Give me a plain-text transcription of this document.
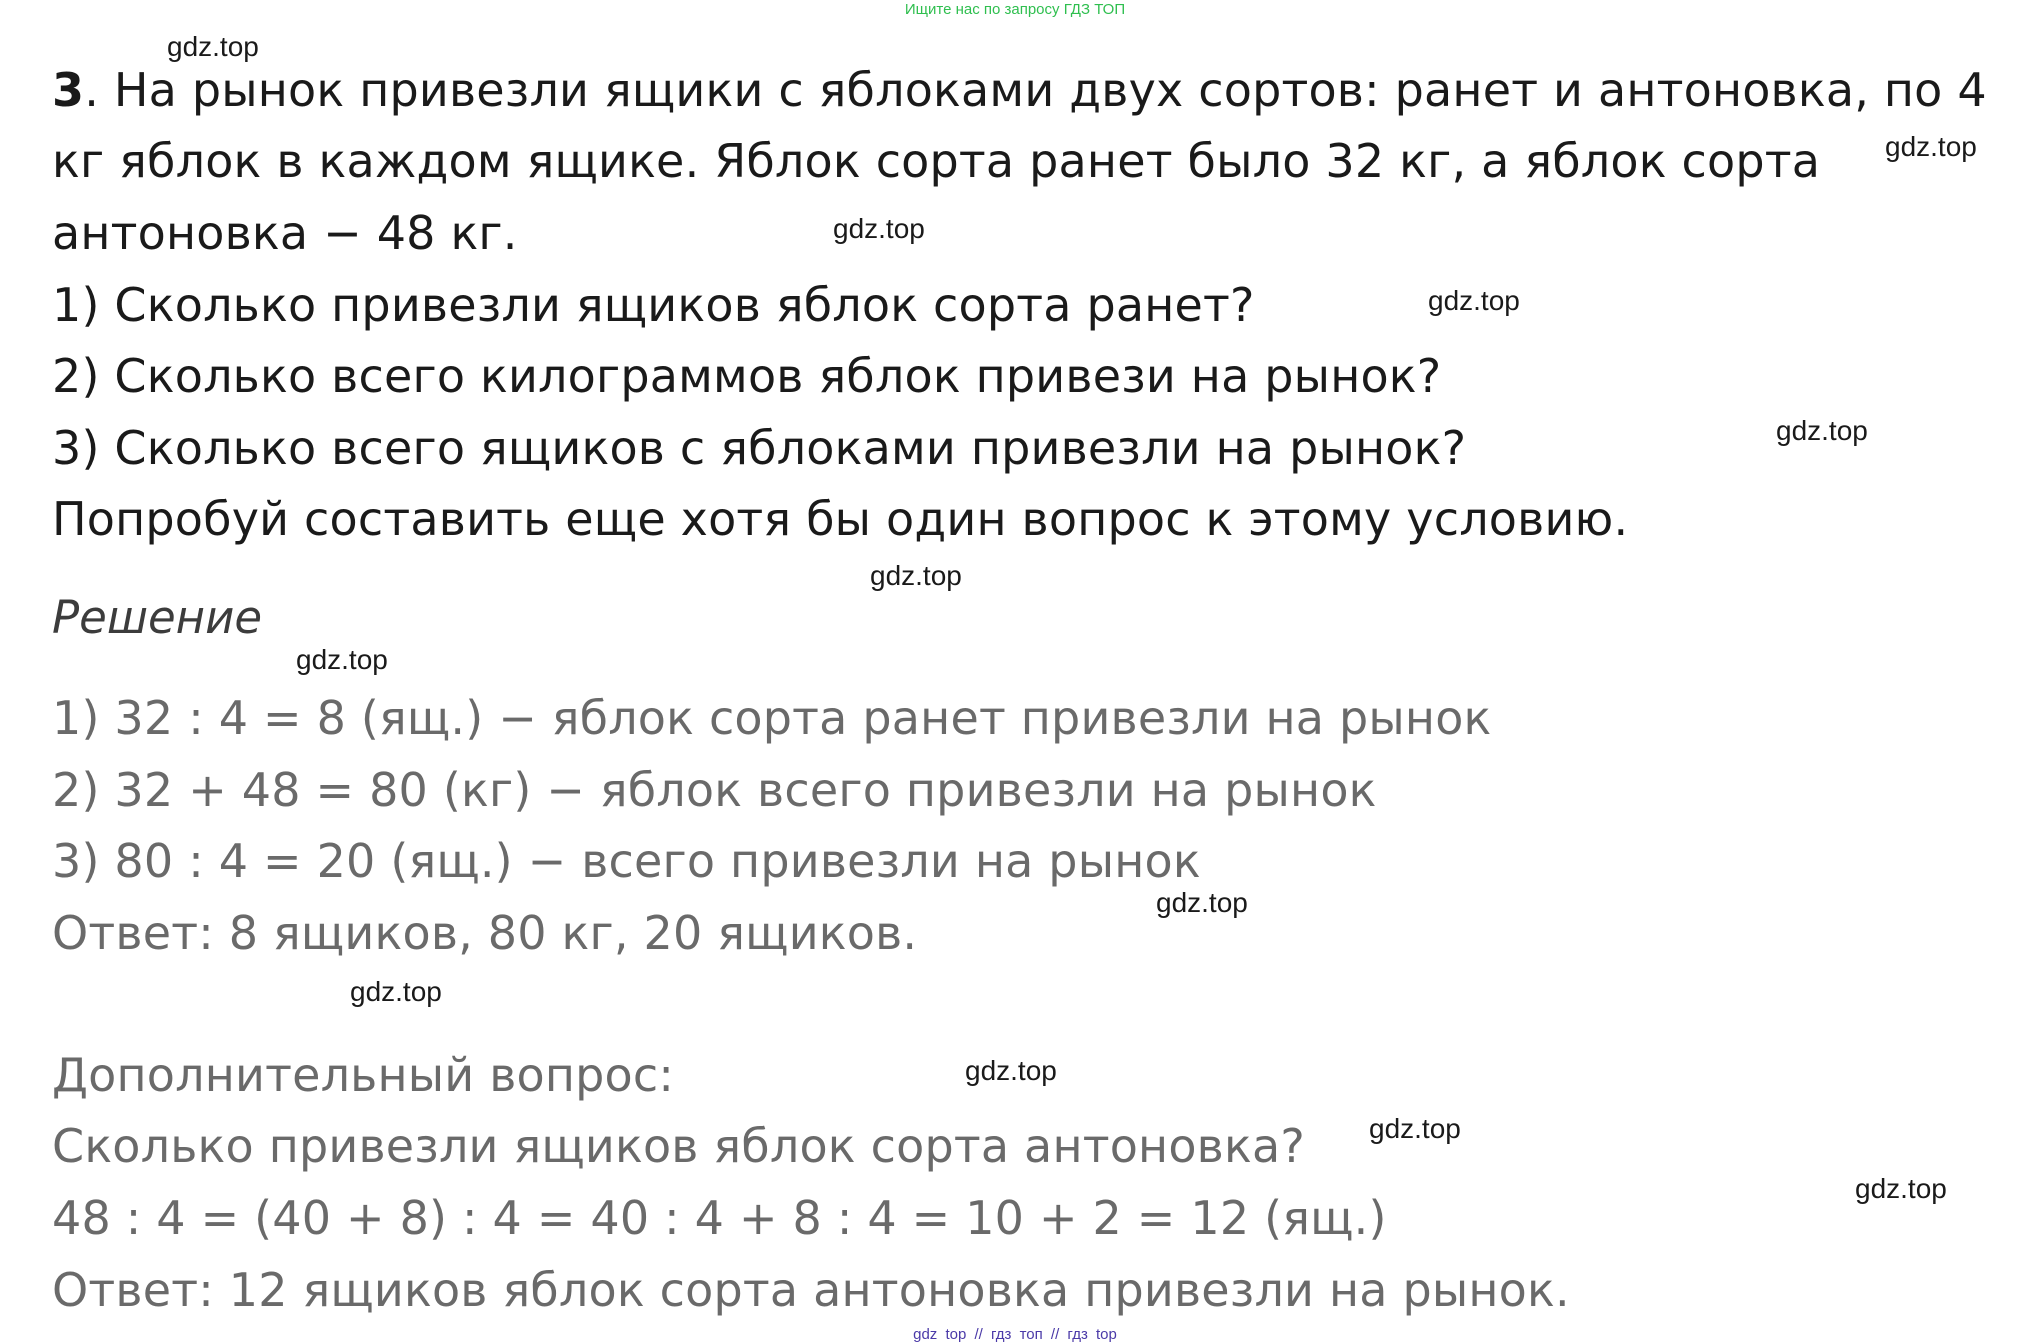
Ищите нас по запросу ГДЗ ТОП
3. На рынок привезли ящики с яблоками двух сортов: ранет и антоновка, по 4
кг яблок в каждом ящике. Яблок сорта ранет было 32 кг, а яблок сорта
антоновка − 48 кг.
1) Сколько привезли ящиков яблок сорта ранет?
2) Сколько всего килограммов яблок привези на рынок?
3) Сколько всего ящиков с яблоками привезли на рынок?
Попробуй составить еще хотя бы один вопрос к этому условию.
Решение
1) 32 : 4 = 8 (ящ.) − яблок сорта ранет привезли на рынок
2) 32 + 48 = 80 (кг) − яблок всего привезли на рынок
3) 80 : 4 = 20 (ящ.) − всего привезли на рынок
Ответ: 8 ящиков, 80 кг, 20 ящиков.
Дополнительный вопрос:
Сколько привезли ящиков яблок сорта антоновка?
48 : 4 = (40 + 8) : 4 = 40 : 4 + 8 : 4 = 10 + 2 = 12 (ящ.)
Ответ: 12 ящиков яблок сорта антоновка привезли на рынок.
gdz.top
gdz.top
gdz.top
gdz.top
gdz.top
gdz.top
gdz.top
gdz.top
gdz.top
gdz.top
gdz.top
gdz.top
gdz top // гдз топ // гдз top
